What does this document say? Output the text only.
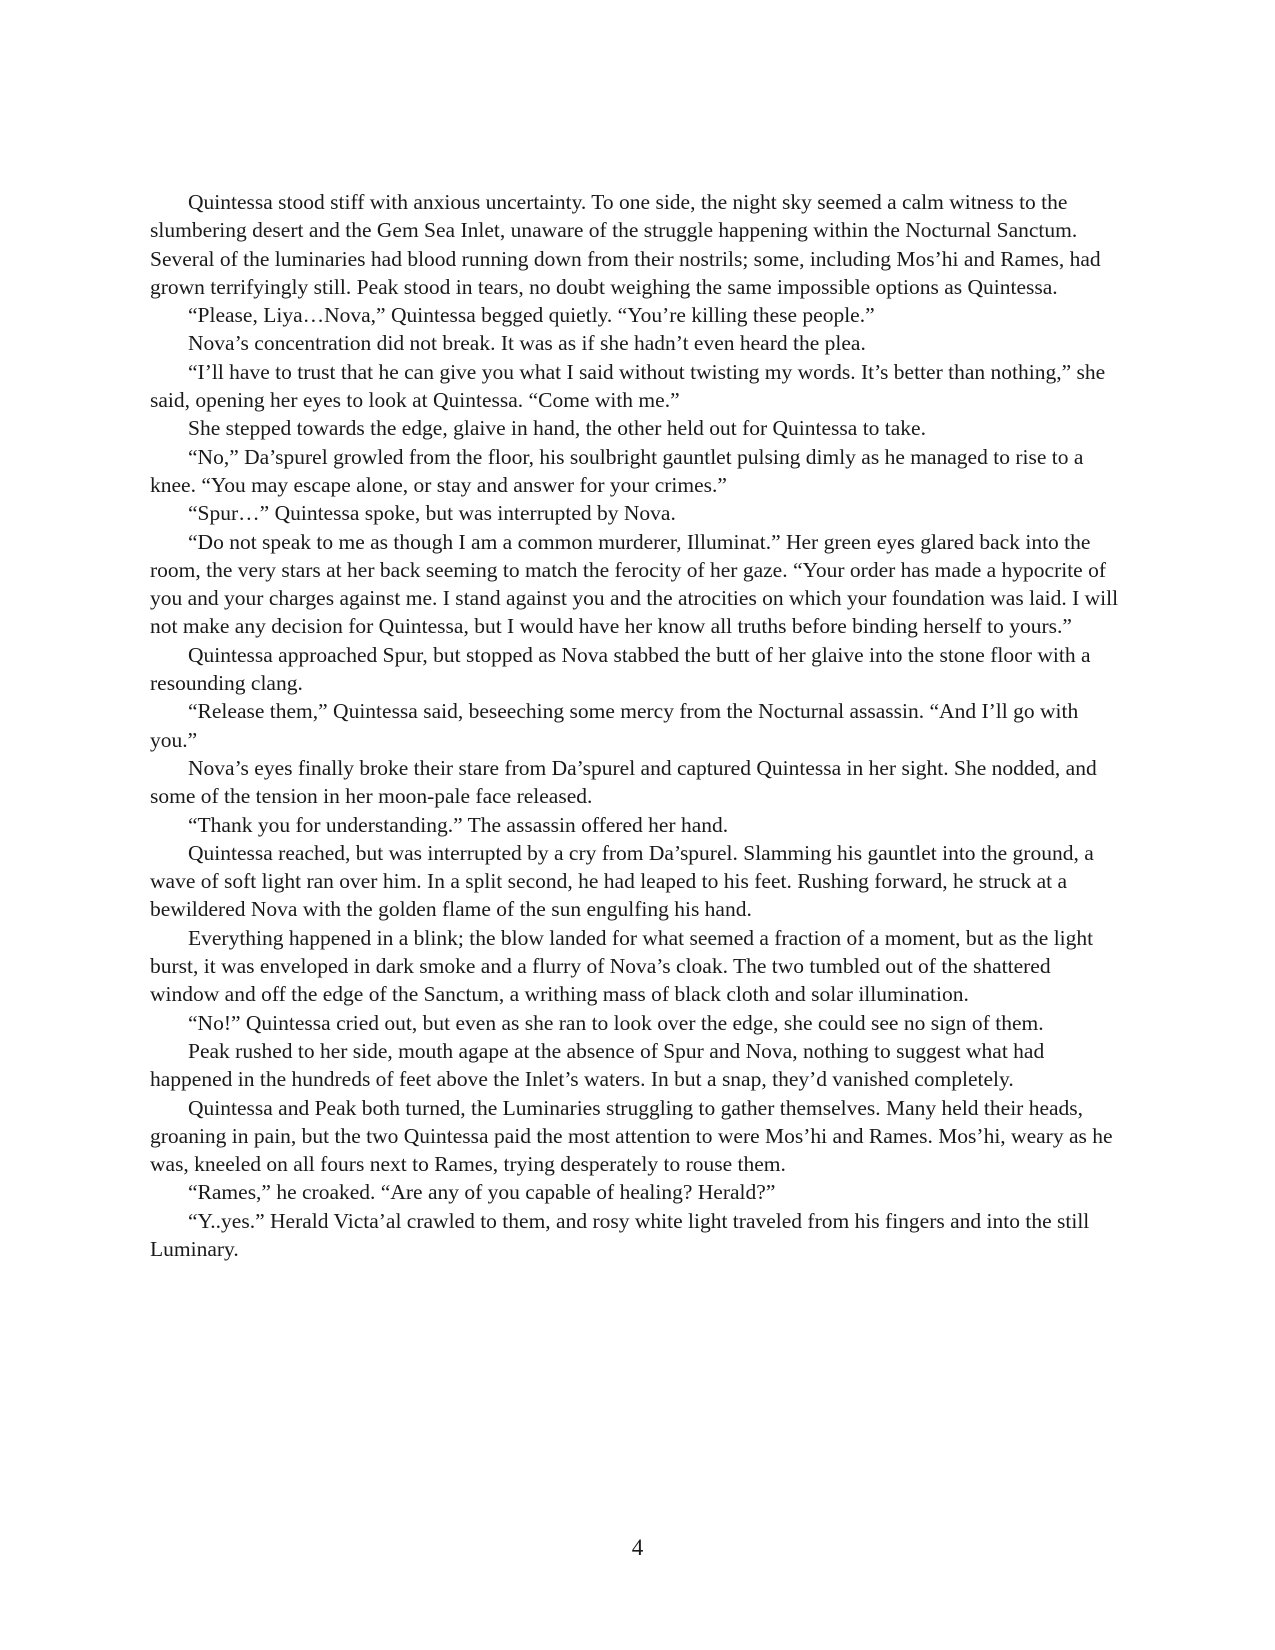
Quintessa stood stiff with anxious uncertainty. To one side, the night sky seemed a calm witness to the slumbering desert and the Gem Sea Inlet, unaware of the struggle happening within the Nocturnal Sanctum. Several of the luminaries had blood running down from their nostrils; some, including Mos’hi and Rames, had grown terrifyingly still. Peak stood in tears, no doubt weighing the same impossible options as Quintessa.

“Please, Liya…Nova,” Quintessa begged quietly. “You’re killing these people.”

Nova’s concentration did not break. It was as if she hadn’t even heard the plea.

“I’ll have to trust that he can give you what I said without twisting my words. It’s better than nothing,” she said, opening her eyes to look at Quintessa. “Come with me.”

She stepped towards the edge, glaive in hand, the other held out for Quintessa to take.

“No,” Da’spurel growled from the floor, his soulbright gauntlet pulsing dimly as he managed to rise to a knee. “You may escape alone, or stay and answer for your crimes.”

“Spur…” Quintessa spoke, but was interrupted by Nova.

“Do not speak to me as though I am a common murderer, Illuminat.” Her green eyes glared back into the room, the very stars at her back seeming to match the ferocity of her gaze. “Your order has made a hypocrite of you and your charges against me. I stand against you and the atrocities on which your foundation was laid. I will not make any decision for Quintessa, but I would have her know all truths before binding herself to yours.”

Quintessa approached Spur, but stopped as Nova stabbed the butt of her glaive into the stone floor with a resounding clang.

“Release them,” Quintessa said, beseeching some mercy from the Nocturnal assassin. “And I’ll go with you.”

Nova’s eyes finally broke their stare from Da’spurel and captured Quintessa in her sight. She nodded, and some of the tension in her moon-pale face released.

“Thank you for understanding.” The assassin offered her hand.

Quintessa reached, but was interrupted by a cry from Da’spurel. Slamming his gauntlet into the ground, a wave of soft light ran over him. In a split second, he had leaped to his feet. Rushing forward, he struck at a bewildered Nova with the golden flame of the sun engulfing his hand.

Everything happened in a blink; the blow landed for what seemed a fraction of a moment, but as the light burst, it was enveloped in dark smoke and a flurry of Nova’s cloak. The two tumbled out of the shattered window and off the edge of the Sanctum, a writhing mass of black cloth and solar illumination.

“No!” Quintessa cried out, but even as she ran to look over the edge, she could see no sign of them.

Peak rushed to her side, mouth agape at the absence of Spur and Nova, nothing to suggest what had happened in the hundreds of feet above the Inlet’s waters. In but a snap, they’d vanished completely.

Quintessa and Peak both turned, the Luminaries struggling to gather themselves. Many held their heads, groaning in pain, but the two Quintessa paid the most attention to were Mos’hi and Rames. Mos’hi, weary as he was, kneeled on all fours next to Rames, trying desperately to rouse them.

“Rames,” he croaked. “Are any of you capable of healing? Herald?”

“Y..yes.” Herald Victa’al crawled to them, and rosy white light traveled from his fingers and into the still Luminary.

4
